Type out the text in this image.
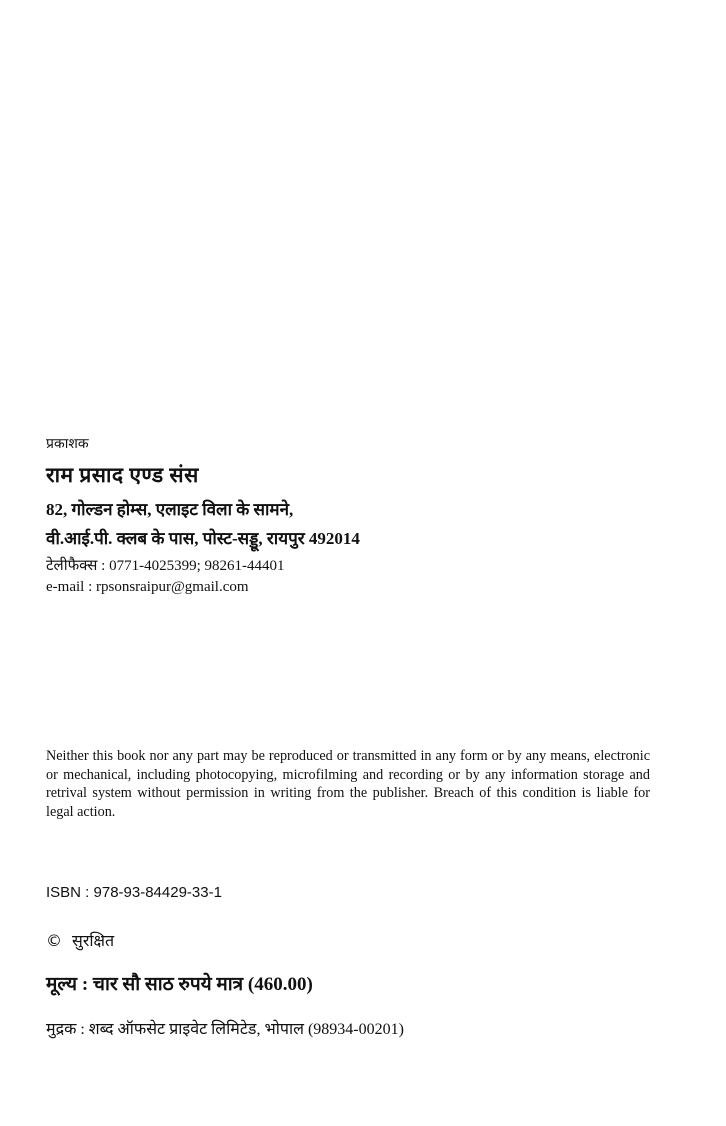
प्रकाशक
राम प्रसाद एण्ड संस
82, गोल्डन होम्स, एलाइट विला के सामने,
वी.आई.पी. क्लब के पास, पोस्ट-सड्डू, रायपुर 492014
टेलीफैक्स : 0771-4025399; 98261-44401
e-mail : rpsonsraipur@gmail.com

Neither this book nor any part may be reproduced or transmitted in any form or by any means, electronic or mechanical, including photocopying, microfilming and recording or by any information storage and retrival system without permission in writing from the publisher. Breach of this condition is liable for legal action.

ISBN : 978-93-84429-33-1
© सुरक्षित
मूल्य : चार सौ साठ रुपये मात्र (460.00)
मुद्रक : शब्द ऑफसेट प्राइवेट लिमिटेड, भोपाल (98934-00201)
